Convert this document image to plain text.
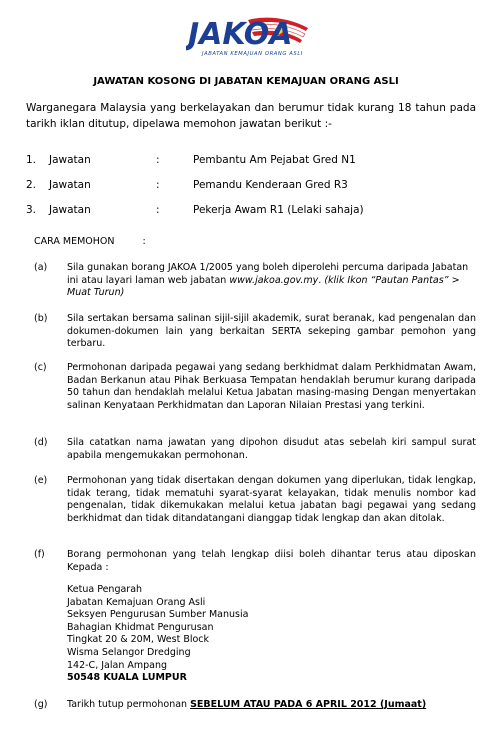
JAKOA
JABATAN KEMAJUAN ORANG ASLI
JAWATAN KOSONG DI JABATAN KEMAJUAN ORANG ASLI
Warganegara Malaysia yang berkelayakan dan berumur tidak kurang 18 tahun pada tarikh iklan ditutup, dipelawa memohon jawatan berikut :-
1. Jawatan	:	Pembantu Am Pejabat Gred N1
2. Jawatan	:	Pemandu Kenderaan Gred R3
3. Jawatan	:	Pekerja Awam R1 (Lelaki sahaja)
CARA MEMOHON	:
(a) Sila gunakan borang JAKOA 1/2005 yang boleh diperolehi percuma daripada Jabatan ini atau layari laman web jabatan www.jakoa.gov.my. (klik Ikon “Pautan Pantas” > Muat Turun)
(b) Sila sertakan bersama salinan sijil-sijil akademik, surat beranak, kad pengenalan dan dokumen-dokumen lain yang berkaitan SERTA sekeping gambar pemohon yang terbaru.
(c) Permohonan daripada pegawai yang sedang berkhidmat dalam Perkhidmatan Awam, Badan Berkanun atau Pihak Berkuasa Tempatan hendaklah berumur kurang daripada 50 tahun dan hendaklah melalui Ketua Jabatan masing-masing Dengan menyertakan salinan Kenyataan Perkhidmatan dan Laporan Nilaian Prestasi yang terkini.
(d) Sila catatkan nama jawatan yang dipohon disudut atas sebelah kiri sampul surat apabila mengemukakan permohonan.
(e) Permohonan yang tidak disertakan dengan dokumen yang diperlukan, tidak lengkap, tidak terang, tidak mematuhi syarat-syarat kelayakan, tidak menulis nombor kad pengenalan, tidak dikemukakan melalui ketua jabatan bagi pegawai yang sedang berkhidmat dan tidak ditandatangani dianggap tidak lengkap dan akan ditolak.
(f) Borang permohonan yang telah lengkap diisi boleh dihantar terus atau diposkan Kepada :
Ketua Pengarah
Jabatan Kemajuan Orang Asli
Seksyen Pengurusan Sumber Manusia
Bahagian Khidmat Pengurusan
Tingkat 20 & 20M, West Block
Wisma Selangor Dredging
142-C, Jalan Ampang
50548 KUALA LUMPUR
(g) Tarikh tutup permohonan SEBELUM ATAU PADA 6 APRIL 2012 (Jumaat)
